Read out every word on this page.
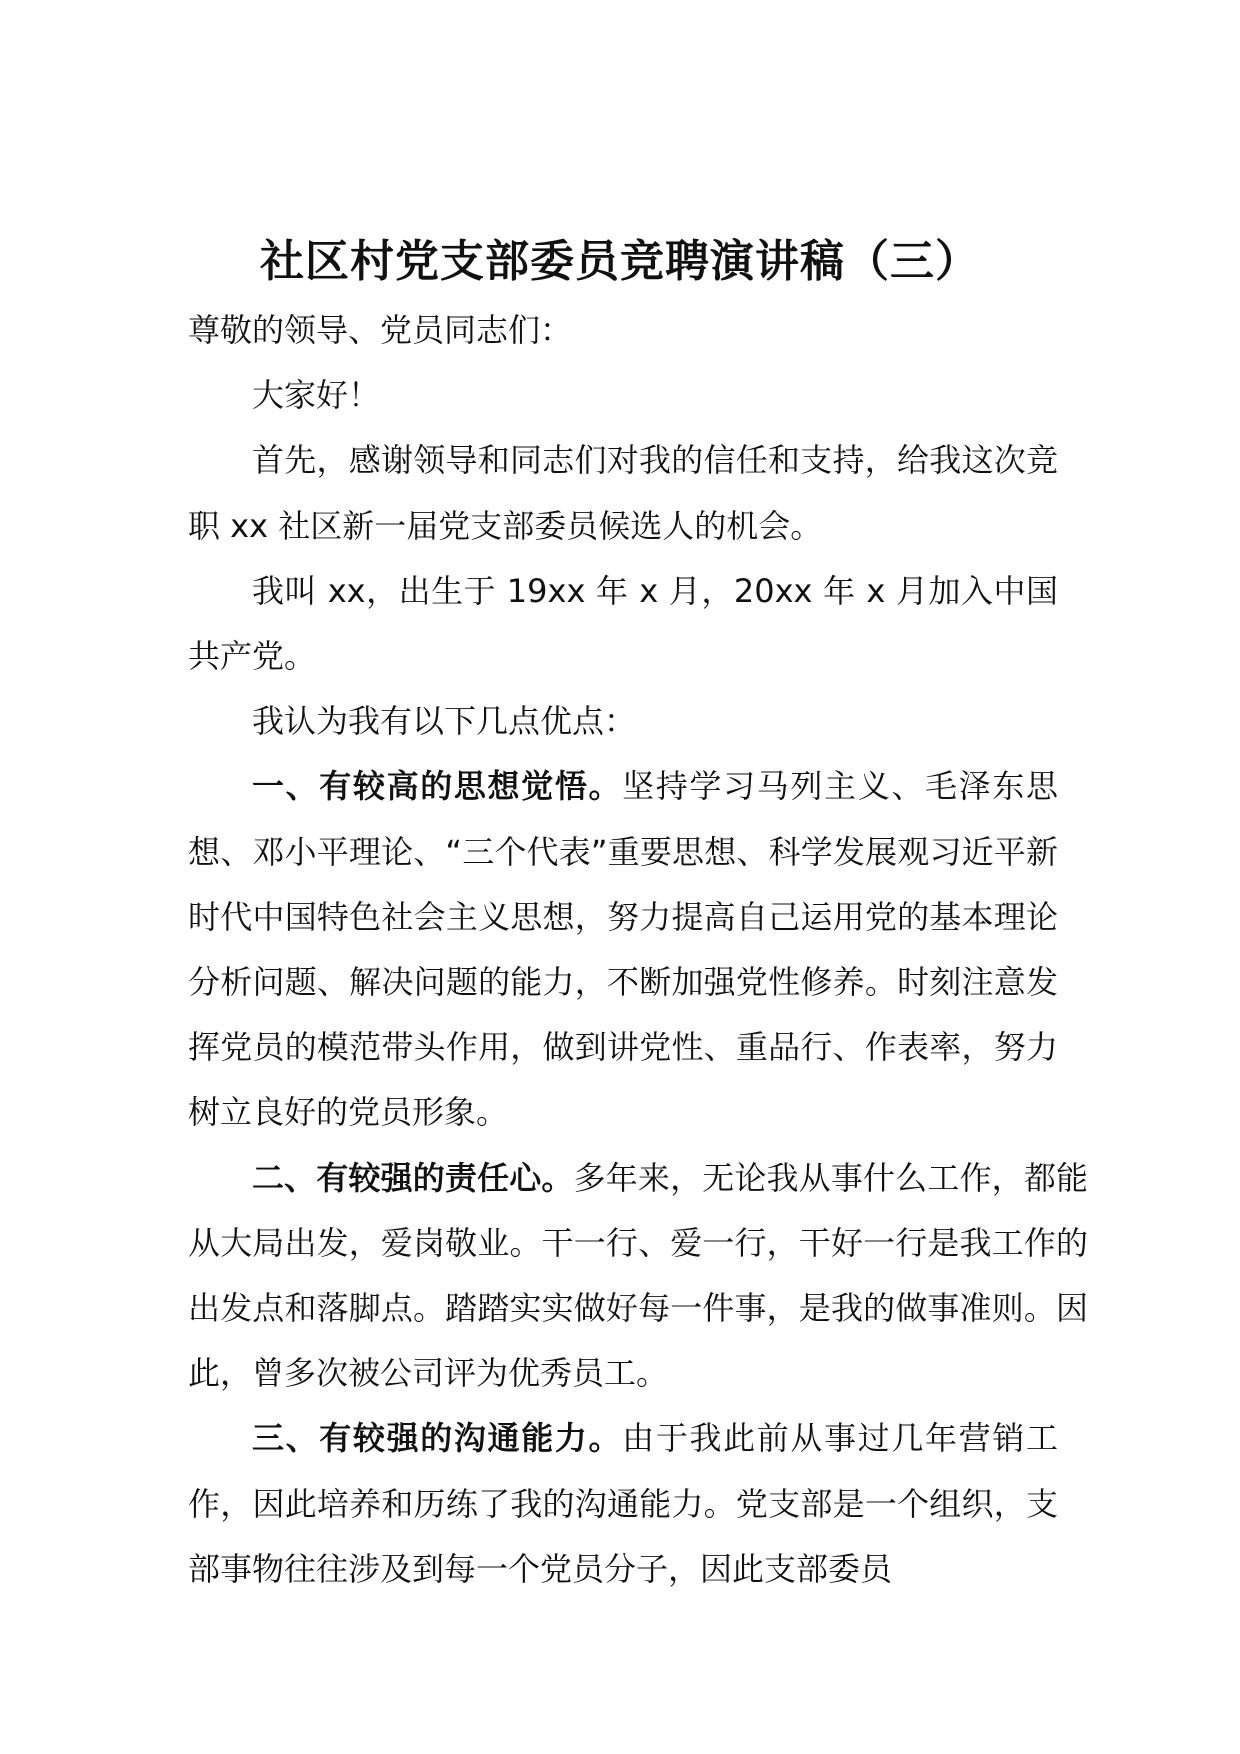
社区村党支部委员竞聘演讲稿（三）

尊敬的领导、党员同志们：

大家好！

首先，感谢领导和同志们对我的信任和支持，给我这次竞职 xx 社区新一届党支部委员候选人的机会。

我叫 xx，出生于 19xx 年 x 月，20xx 年 x 月加入中国共产党。

我认为我有以下几点优点：

一、有较高的思想觉悟。坚持学习马列主义、毛泽东思想、邓小平理论、“三个代表”重要思想、科学发展观习近平新时代中国特色社会主义思想，努力提高自己运用党的基本理论分析问题、解决问题的能力，不断加强党性修养。时刻注意发挥党员的模范带头作用，做到讲党性、重品行、作表率，努力树立良好的党员形象。

二、有较强的责任心。多年来，无论我从事什么工作，都能从大局出发，爱岗敬业。干一行、爱一行，干好一行是我工作的出发点和落脚点。踏踏实实做好每一件事，是我的做事准则。因此，曾多次被公司评为优秀员工。

三、有较强的沟通能力。由于我此前从事过几年营销工作，因此培养和历练了我的沟通能力。党支部是一个组织，支部事物往往涉及到每一个党员分子，因此支部委员
